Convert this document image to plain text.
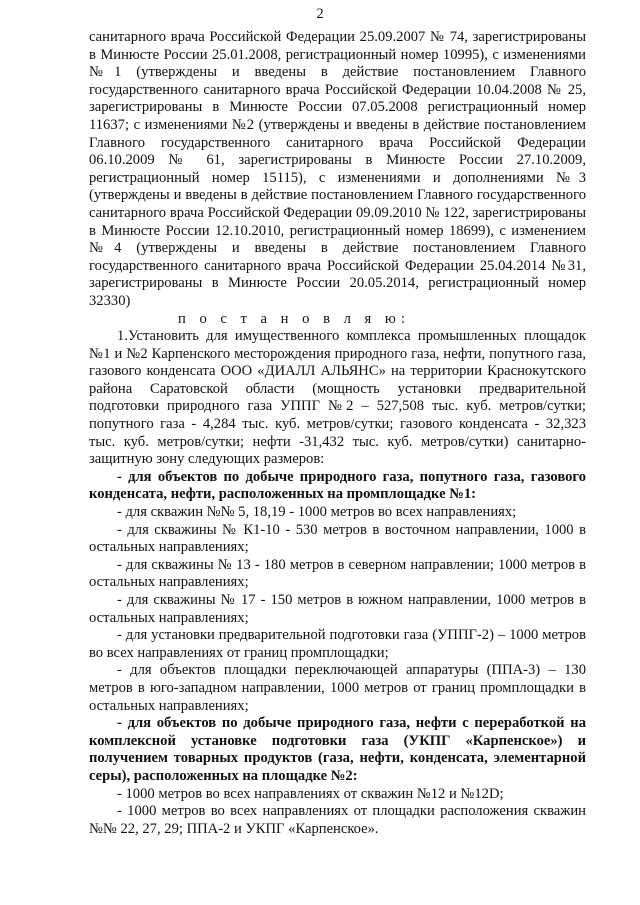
2

санитарного врача Российской Федерации 25.09.2007 № 74, зарегистрированы в Минюсте России 25.01.2008, регистрационный номер 10995), с изменениями №1 (утверждены и введены в действие постановлением Главного государственного санитарного врача Российской Федерации 10.04.2008 № 25, зарегистрированы в Минюсте России 07.05.2008 регистрационный номер 11637; с изменениями №2 (утверждены и введены в действие постановлением Главного государственного санитарного врача Российской Федерации 06.10.2009 № 61, зарегистрированы в Минюсте России 27.10.2009, регистрационный номер 15115), с изменениями и дополнениями №3 (утверждены и введены в действие постановлением Главного государственного санитарного врача Российской Федерации 09.09.2010 № 122, зарегистрированы в Минюсте России 12.10.2010, регистрационный номер 18699), с изменением №4 (утверждены и введены в действие постановлением Главного государственного санитарного врача Российской Федерации 25.04.2014 №31, зарегистрированы в Минюсте России 20.05.2014, регистрационный номер 32330)

п о с т а н о в л я ю:

1.Установить для имущественного комплекса промышленных площадок №1 и №2 Карпенского месторождения природного газа, нефти, попутного газа, газового конденсата ООО «ДИАЛЛ АЛЬЯНС» на территории Краснокутского района Саратовской области (мощность установки предварительной подготовки природного газа УППГ №2 – 527,508 тыс. куб. метров/сутки; попутного газа - 4,284 тыс. куб. метров/сутки; газового конденсата - 32,323 тыс. куб. метров/сутки; нефти -31,432 тыс. куб. метров/сутки) санитарно-защитную зону следующих размеров:

- для объектов по добыче природного газа, попутного газа, газового конденсата, нефти, расположенных на промплощадке №1:

- для скважин №№ 5, 18,19 - 1000 метров во всех направлениях;

- для скважины № К1-10 - 530 метров в восточном направлении, 1000 в остальных направлениях;

- для скважины № 13 - 180 метров в северном направлении; 1000 метров в остальных направлениях;

- для скважины № 17 - 150 метров в южном направлении, 1000 метров в остальных направлениях;

- для установки предварительной подготовки газа (УППГ-2) – 1000 метров во всех направлениях от границ промплощадки;

- для объектов площадки переключающей аппаратуры (ППА-3) – 130 метров в юго-западном направлении, 1000 метров от границ промплощадки в остальных направлениях;

- для объектов по добыче природного газа, нефти с переработкой на комплексной установке подготовки газа (УКПГ «Карпенское») и получением товарных продуктов (газа, нефти, конденсата, элементарной серы), расположенных на площадке №2:

- 1000 метров во всех направлениях от скважин №12 и №12D;

- 1000 метров во всех направлениях от площадки расположения скважин №№ 22, 27, 29; ППА-2 и УКПГ «Карпенское».
